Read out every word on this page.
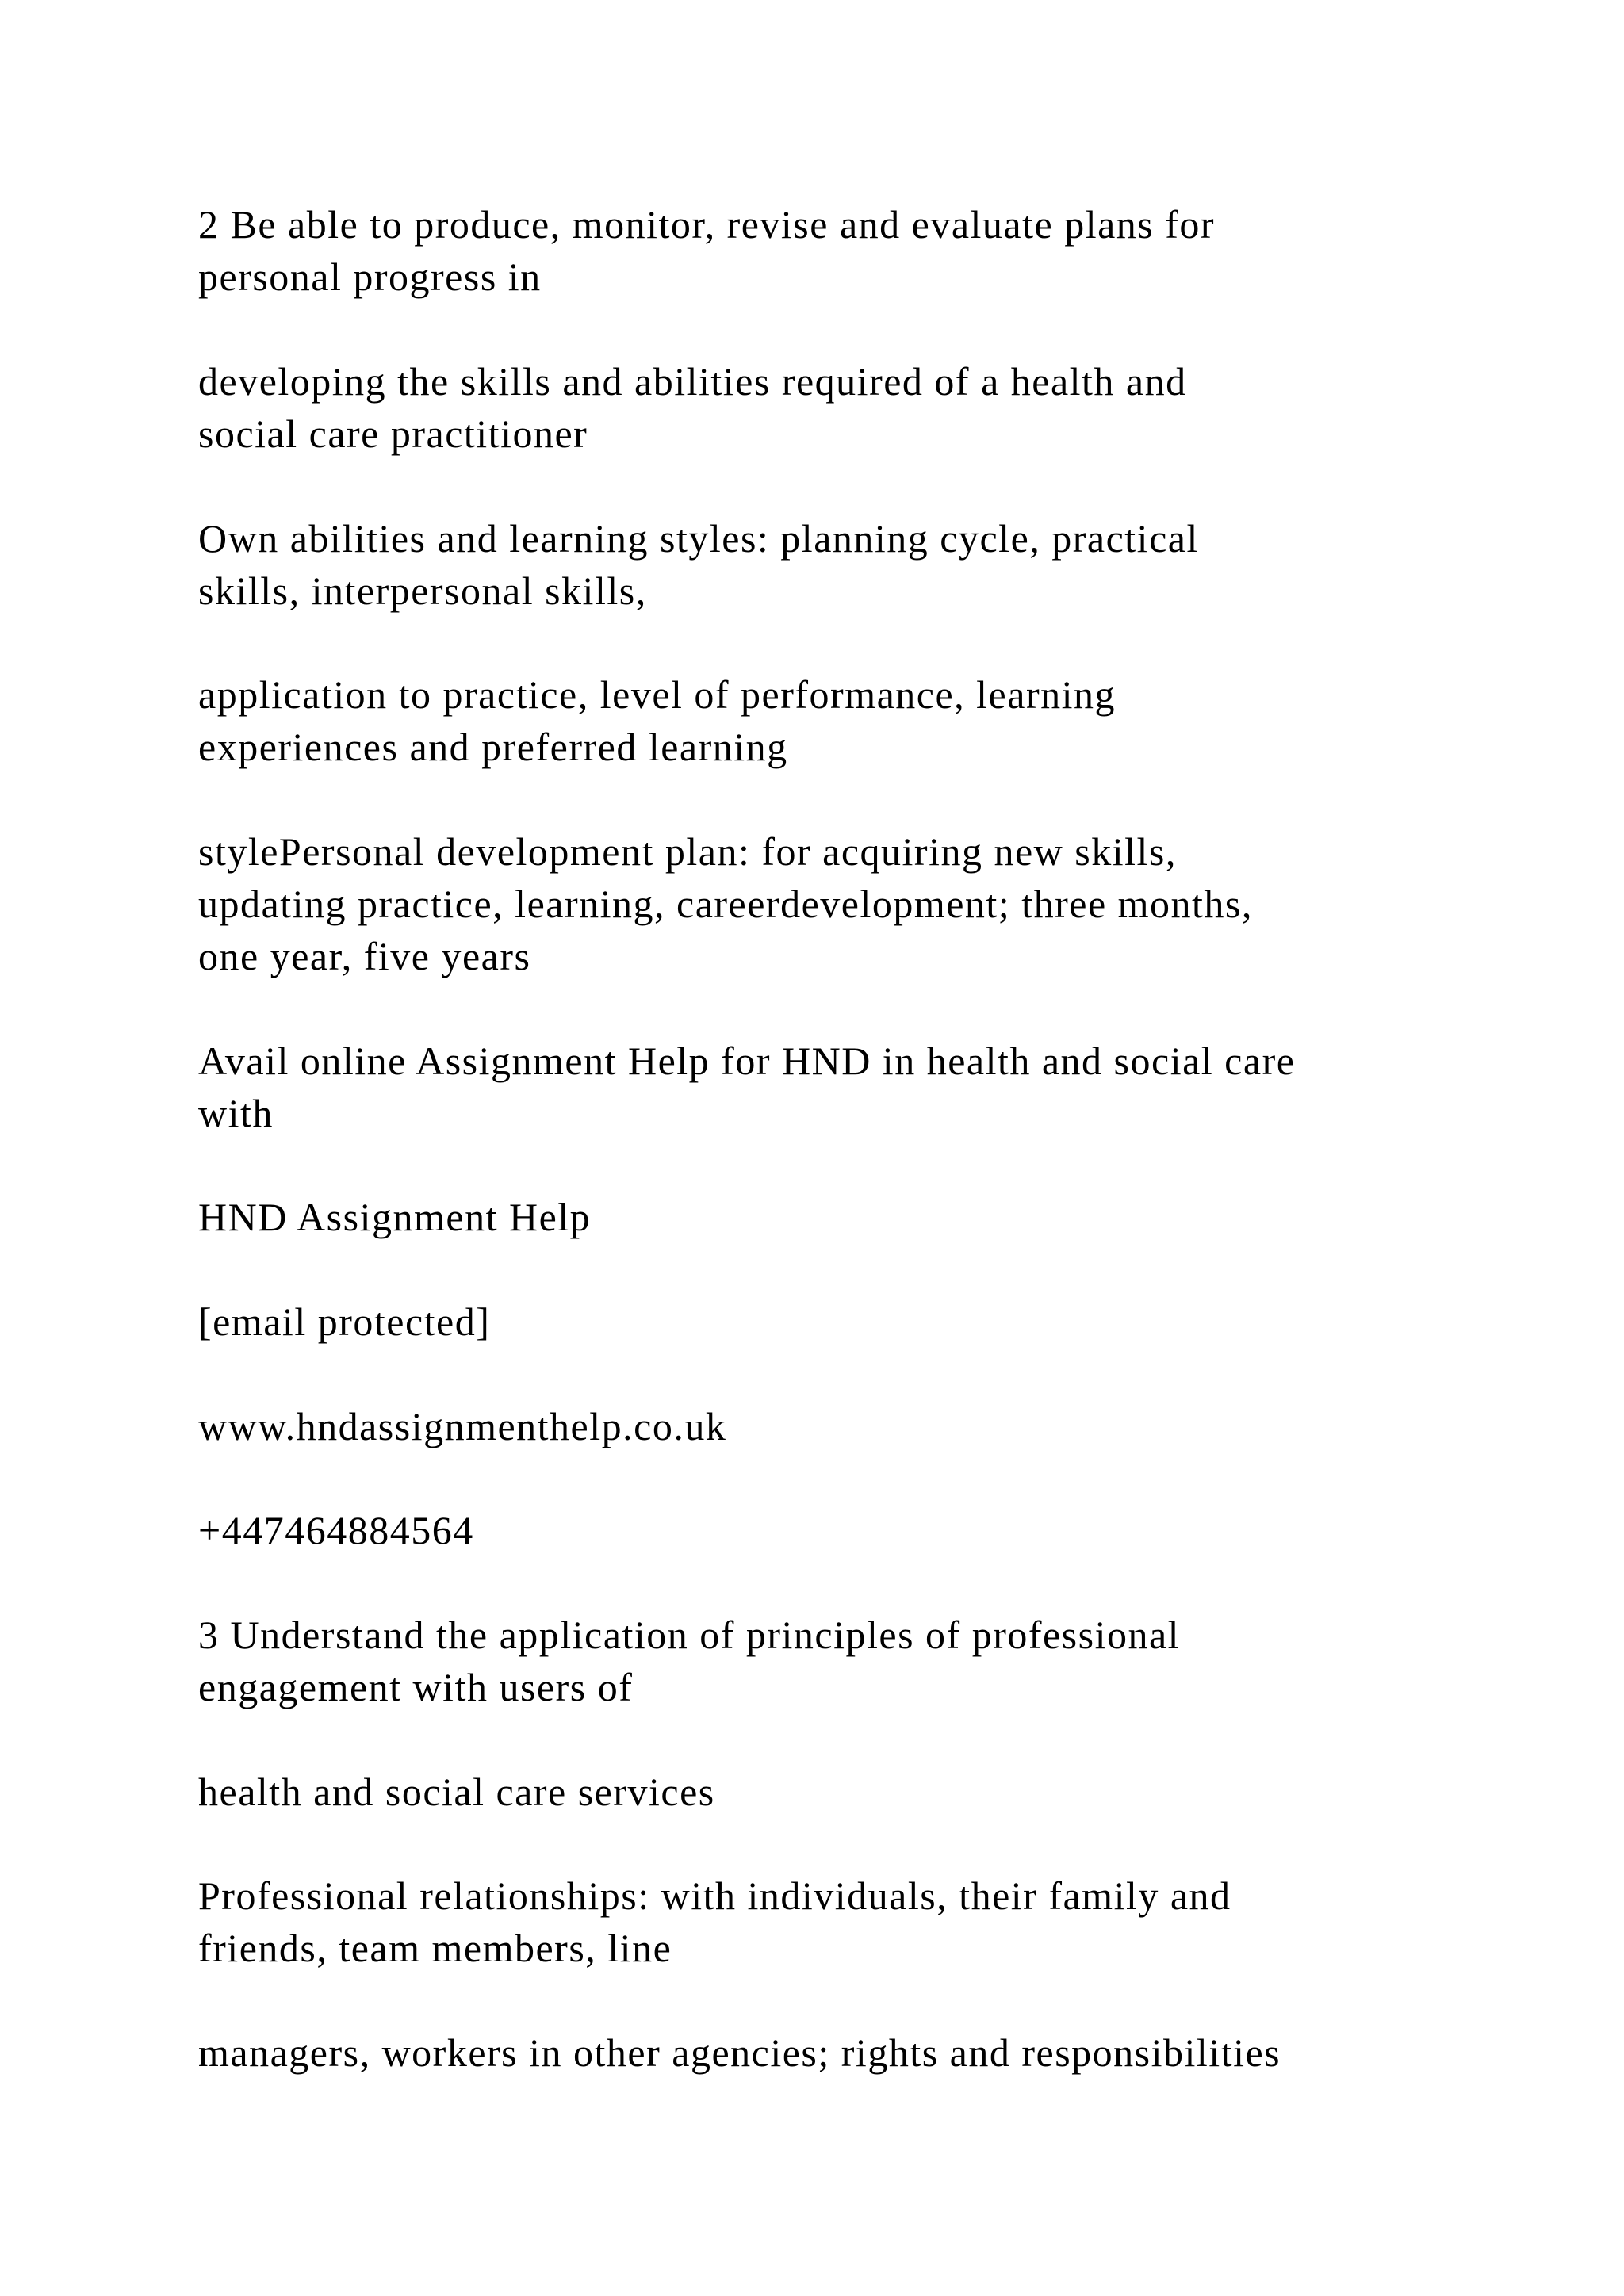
2 Be able to produce, monitor, revise and evaluate plans for
personal progress in

developing the skills and abilities required of a health and
social care practitioner

Own abilities and learning styles: planning cycle, practical
skills, interpersonal skills,

application to practice, level of performance, learning
experiences and preferred learning

stylePersonal development plan: for acquiring new skills,
updating practice, learning, careerdevelopment; three months,
one year, five years

Avail online Assignment Help for HND in health and social care
with

HND Assignment Help

[email protected]

www.hndassignmenthelp.co.uk

+447464884564

3 Understand the application of principles of professional
engagement with users of

health and social care services

Professional relationships: with individuals, their family and
friends, team members, line

managers, workers in other agencies; rights and responsibilities
